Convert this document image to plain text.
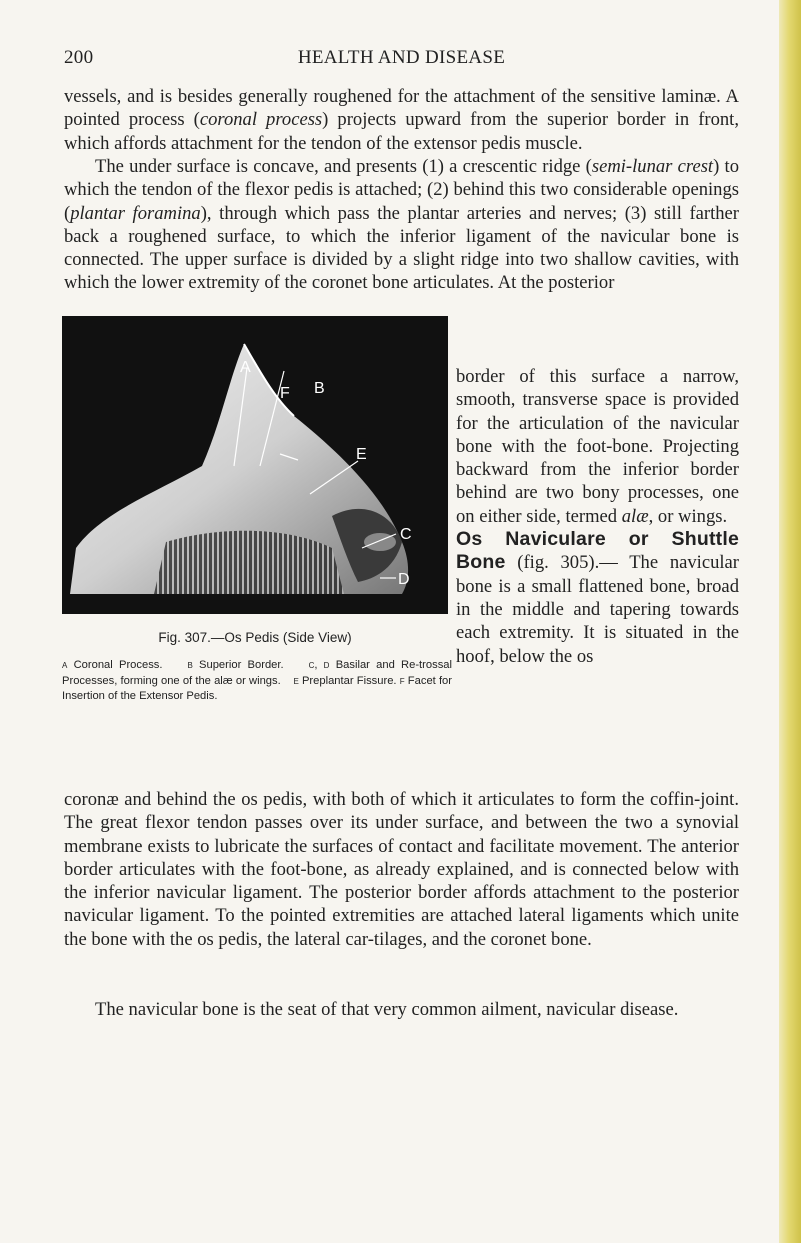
200	HEALTH AND DISEASE
vessels, and is besides generally roughened for the attachment of the sensitive laminæ. A pointed process (coronal process) projects upward from the superior border in front, which affords attachment for the tendon of the extensor pedis muscle.
The under surface is concave, and presents (1) a crescentic ridge (semi-lunar crest) to which the tendon of the flexor pedis is attached; (2) behind this two considerable openings (plantar foramina), through which pass the plantar arteries and nerves; (3) still farther back a roughened surface, to which the inferior ligament of the navicular bone is connected. The upper surface is divided by a slight ridge into two shallow cavities, with which the lower extremity of the coronet bone articulates. At the posterior
A
F B
E
C
D
Fig. 307.—Os Pedis (Side View)
a Coronal Process. b Superior Border. c, d Basilar and Re-trossal Processes, forming one of the alæ or wings. e Preplantar Fissure. f Facet for Insertion of the Extensor Pedis.
border of this surface a narrow, smooth, transverse space is provided for the articulation of the navicular bone with the foot-bone. Projecting backward from the inferior border behind are two bony processes, one on either side, termed alæ, or wings.
Os Naviculare or Shuttle Bone (fig. 305).— The navicular bone is a small flattened bone, broad in the middle and tapering towards each extremity. It is situated in the hoof, below the os
coronæ and behind the os pedis, with both of which it articulates to form the coffin-joint. The great flexor tendon passes over its under surface, and between the two a synovial membrane exists to lubricate the surfaces of contact and facilitate movement. The anterior border articulates with the foot-bone, as already explained, and is connected below with the inferior navicular ligament. The posterior border affords attachment to the posterior navicular ligament. To the pointed extremities are attached lateral ligaments which unite the bone with the os pedis, the lateral car-tilages, and the coronet bone.
The navicular bone is the seat of that very common ailment, navicular disease.
